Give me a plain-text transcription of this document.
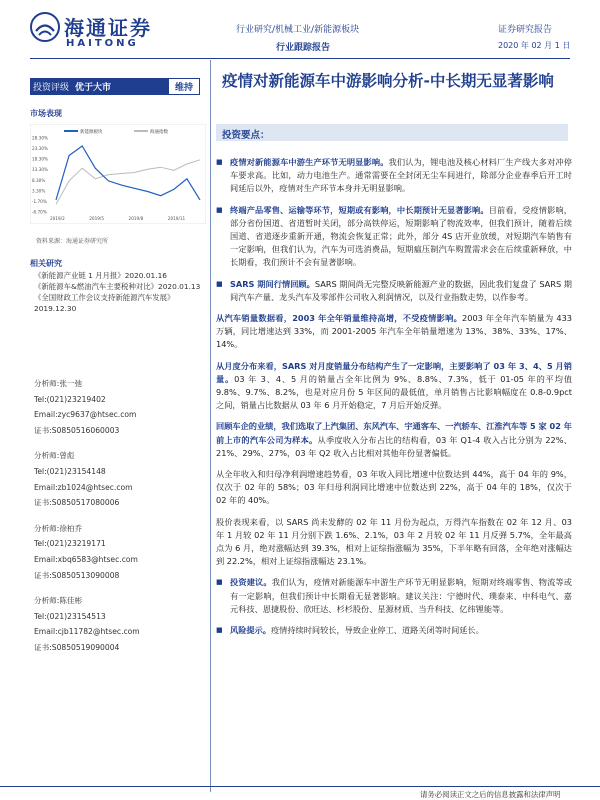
海通证券
HAITONG
行业研究/机械工业/新能源板块
行业跟踪报告
证券研究报告
2020 年 02 月 1 日
投资评级 优于大市	维持
市场表现
新能源板块	海通指数
28.30%
23.30%
18.30%
13.30%
8.30%
3.30%
-1.70%
-6.70%
2019/2	2019/5	2019/8	2019/11
资料来源：海通证券研究所
相关研究
《新能源产业链 1 月月报》2020.01.16
《新能源车&燃油汽车主要税种对比》2020.01.13
《全国财政工作会议支持新能源汽车发展》2019.12.30
分析师:张一弛
Tel:(021)23219402
Email:zyc9637@htsec.com
证书:S0850516060003
分析师:曾彪
Tel:(021)23154148
Email:zb1024@htsec.com
证书:S0850517080006
分析师:徐柏乔
Tel:(021)23219171
Email:xbq6583@htsec.com
证书:S0850513090008
分析师:陈佳彬
Tel:(021)23154513
Email:cjb11782@htsec.com
证书:S0850519090004
疫情对新能源车中游影响分析-中长期无显著影响
投资要点：

■ 疫情对新能源车中游生产环节无明显影响。我们认为，锂电池及核心材料厂生产线大多对冲停车要求高。比如，动力电池生产。通常需要在全封闭无尘车间进行，除部分企业春季后开工时间延后以外，疫情对生产环节本身并无明显影响。

■ 终端产品零售、运输等环节，短期或有影响，中长期预计无显著影响。目前看，受疫情影响，部分省份国道、省道暂时关闭，部分高铁停运，短期影响了物流效率，但我们预计，随着后续国道、省道逐步重新开通，物流会恢复正常；此外，部分 4S 店开业放缓，对短期汽车销售有一定影响，但我们认为，汽车为可选消费品，短期瘟压制汽车购置需求会在后续重新释放，中长期看，我们预计不会有显著影响。

■ SARS 期间行情回顾。SARS 期间尚无完整反映新能源产业的数据，因此我们复盘了 SARS 期间汽车产量、龙头汽车及零部件公司收入利润情况，以及行业指数走势，以作参考。

从汽车销量数据看，2003 年全年销量维持高增，不受疫情影响。2003 年全年汽车销量为 433 万辆，同比增速达到 33%，而 2001-2005 年汽车全年销量增速为 13%、38%、33%、17%、14%。

从月度分布来看，SARS 对月度销量分布结构产生了一定影响，主要影响了 03 年 3、4、5 月销量。03 年 3、4、5 月的销量占全年比例为 9%、8.8%、7.3%，低于 01-05 年的平均值 9.8%、9.7%、8.2%，也是对应月份 5 年区间的最低值，单月销售占比影响幅度在 0.8-0.9pct 之间，销量占比数据从 03 年 6 月开始稳定，7 月后开始反弹。

回顾车企的业绩，我们选取了上汽集团、东风汽车、宇通客车、一汽轿车、江淮汽车等 5 家 02 年前上市的汽车公司为样本。从季度收入分布占比的结构看，03 年 Q1-4 收入占比分别为 22%、21%、29%、27%，03 年 Q2 收入占比相对其他年份显著偏低。

从全年收入和归母净利润增速趋势看，03 年收入同比增速中位数达到 44%，高于 04 年的 9%，仅次于 02 年的 58%；03 年归母利润同比增速中位数达到 22%，高于 04 年的 18%，仅次于 02 年的 40%。

股价表现来看，以 SARS 尚未发酵的 02 年 11 月份为起点，万得汽车指数在 02 年 12 月、03 年 1 月较 02 年 11 月分别下跌 1.6%、2.1%，03 年 2 月较 02 年 11 月反弹 5.7%，全年最高点为 6 月，绝对涨幅达到 39.3%，相对上证综指涨幅为 35%，下半年略有回落，全年绝对涨幅达到 22.2%，相对上证综指涨幅达 23.1%。

■ 投资建议。我们认为，疫情对新能源车中游生产环节无明显影响，短期对终端零售、物流等或有一定影响，但我们预计中长期看无显著影响。建议关注：宁德时代、璞泰来、中科电气、嘉元科技、恩捷股份、欣旺达、杉杉股份、星源材质、当升科技、亿纬锂能等。

■ 风险提示。疫情持续时间较长，导致企业停工、道路关闭等时间延长。

请务必阅读正文之后的信息披露和法律声明
